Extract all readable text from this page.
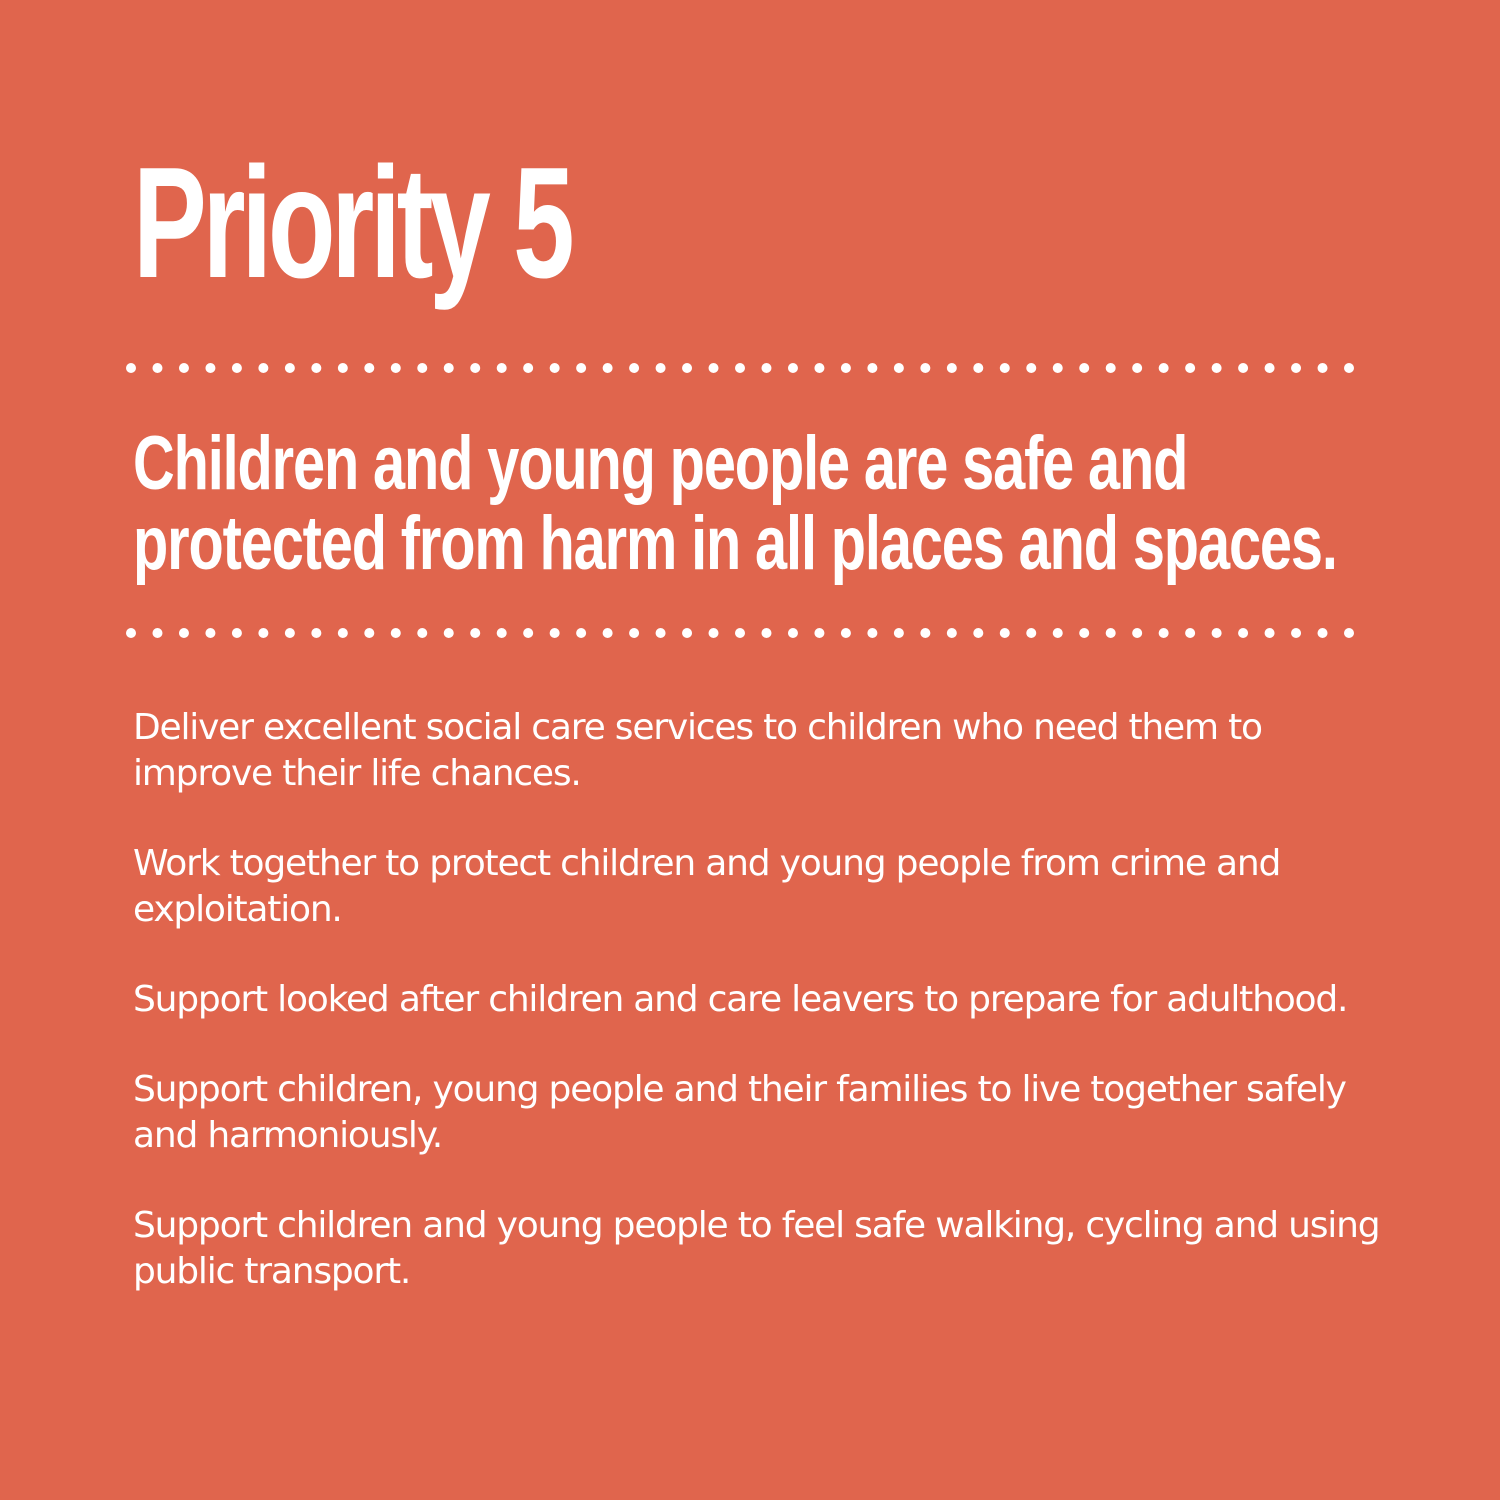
Priority 5
Children and young people are safe and
protected from harm in all places and spaces.
Deliver excellent social care services to children who need them to improve their life chances.
Work together to protect children and young people from crime and exploitation.
Support looked after children and care leavers to prepare for adulthood.
Support children, young people and their families to live together safely and harmoniously.
Support children and young people to feel safe walking, cycling and using public transport.
